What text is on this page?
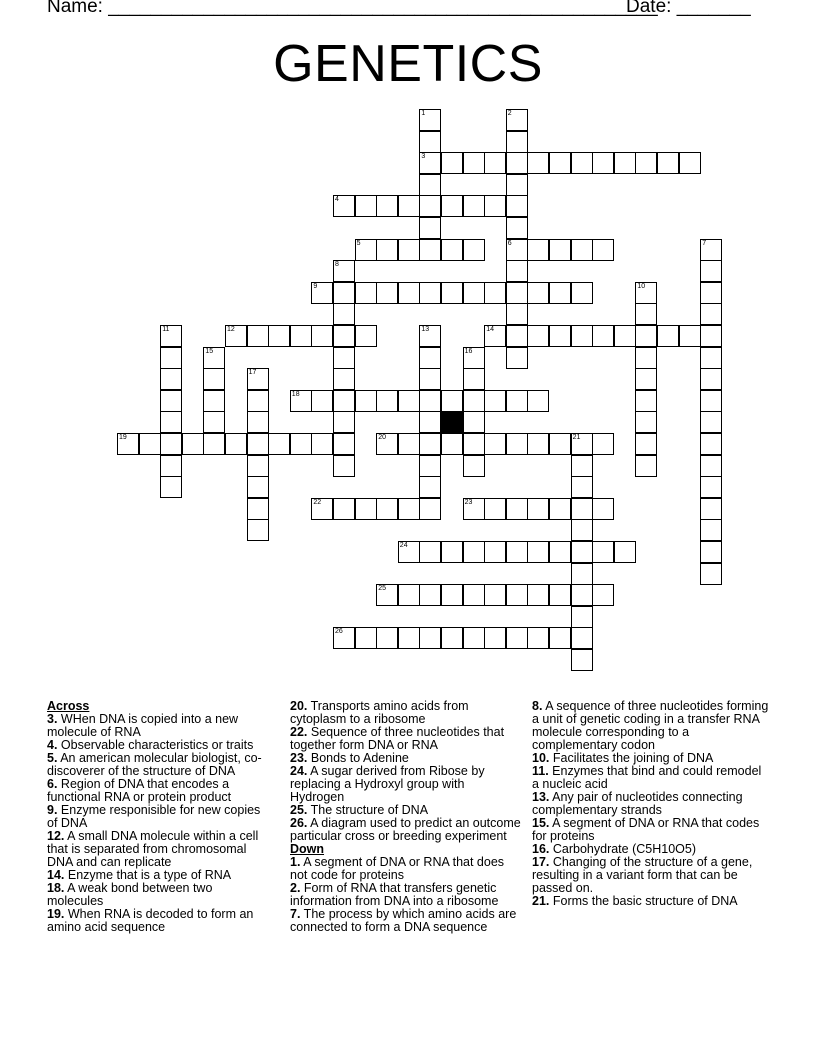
Name: ____________________________________________________
Date: _______
GENETICS
3
4
5	6
9
12	14
18
19	20	21
22	23
24
25
26
1	2
7
8
10
11	13
15	16
17
Across
3. WHen DNA is copied into a new molecule of RNA
4. Observable characteristics or traits
5. An american molecular biologist, co-discoverer of the structure of DNA
6. Region of DNA that encodes a functional RNA or protein product
9. Enzyme responisible for new copies of DNA
12. A small DNA molecule within a cell that is separated from chromosomal DNA and can replicate
14. Enzyme that is a type of RNA
18. A weak bond between two molecules
19. When RNA is decoded to form an amino acid sequence
20. Transports amino acids from cytoplasm to a ribosome
22. Sequence of three nucleotides that together form DNA or RNA
23. Bonds to Adenine
24. A sugar derived from Ribose by replacing a Hydroxyl group with Hydrogen
25. The structure of DNA
26. A diagram used to predict an outcome particular cross or breeding experiment
Down
1. A segment of DNA or RNA that does not code for proteins
2. Form of RNA that transfers genetic information from DNA into a ribosome
7. The process by which amino acids are connected to form a DNA sequence
8. A sequence of three nucleotides forming a unit of genetic coding in a transfer RNA molecule corresponding to a complementary codon
10. Facilitates the joining of DNA
11. Enzymes that bind and could remodel a nucleic acid
13. Any pair of nucleotides connecting complementary strands
15. A segment of DNA or RNA that codes for proteins
16. Carbohydrate (C5H10O5)
17. Changing of the structure of a gene, resulting in a variant form that can be passed on.
21. Forms the basic structure of DNA
